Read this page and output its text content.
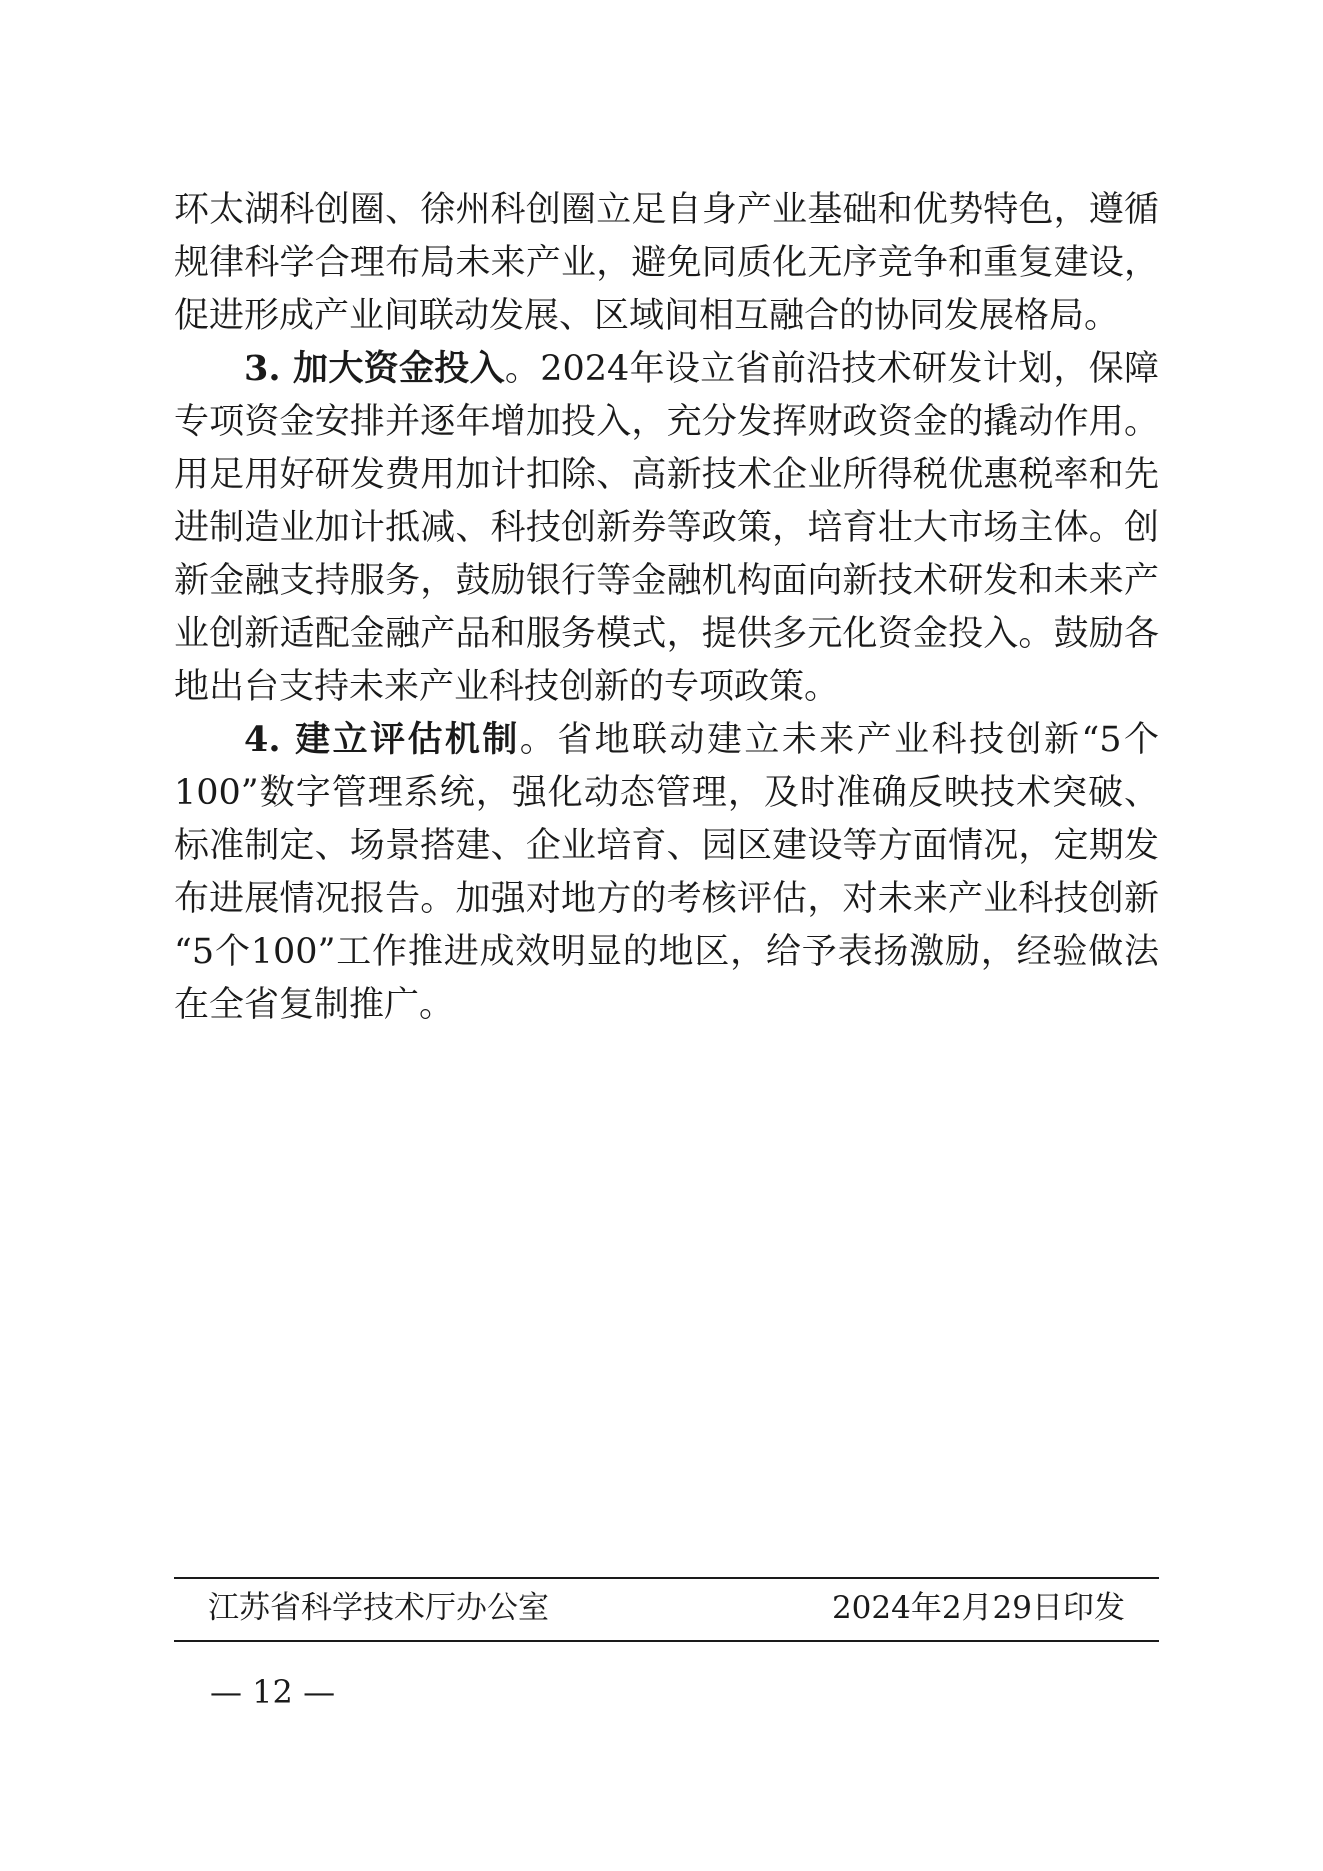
环太湖科创圈、徐州科创圈立足自身产业基础和优势特色，遵循
规律科学合理布局未来产业，避免同质化无序竞争和重复建设，
促进形成产业间联动发展、区域间相互融合的协同发展格局。
3. 加大资金投入。2024年设立省前沿技术研发计划，保障
专项资金安排并逐年增加投入，充分发挥财政资金的撬动作用。
用足用好研发费用加计扣除、高新技术企业所得税优惠税率和先
进制造业加计抵减、科技创新券等政策，培育壮大市场主体。创
新金融支持服务，鼓励银行等金融机构面向新技术研发和未来产
业创新适配金融产品和服务模式，提供多元化资金投入。鼓励各
地出台支持未来产业科技创新的专项政策。
4. 建立评估机制。省地联动建立未来产业科技创新“5个
100”数字管理系统，强化动态管理，及时准确反映技术突破、
标准制定、场景搭建、企业培育、园区建设等方面情况，定期发
布进展情况报告。加强对地方的考核评估，对未来产业科技创新
“5个100”工作推进成效明显的地区，给予表扬激励，经验做法
在全省复制推广。
江苏省科学技术厅办公室	2024年2月29日印发
— 12 —
